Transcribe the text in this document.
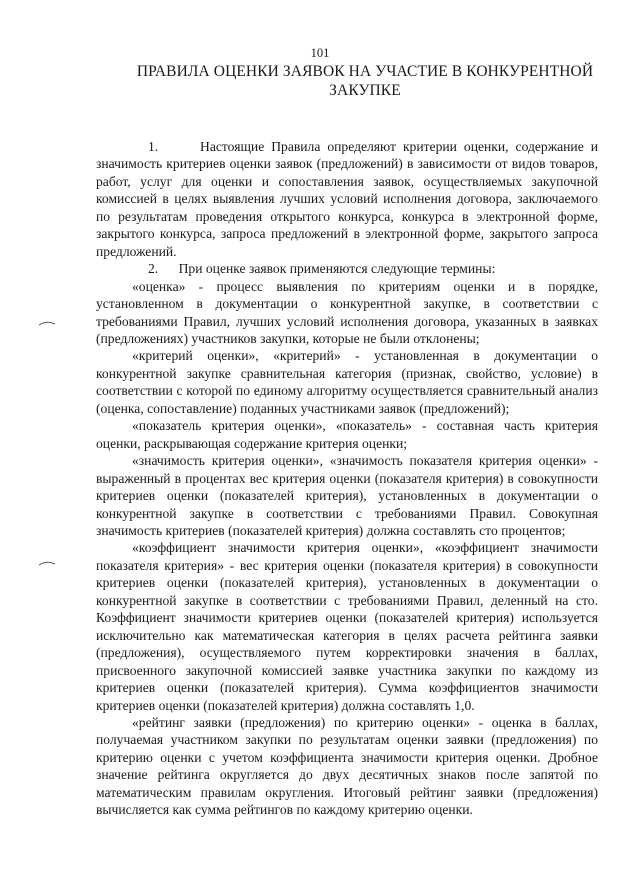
101
ПРАВИЛА ОЦЕНКИ ЗАЯВОК НА УЧАСТИЕ В КОНКУРЕНТНОЙ ЗАКУПКЕ

1.      Настоящие Правила определяют критерии оценки, содержание и значимость критериев оценки заявок (предложений) в зависимости от видов товаров, работ, услуг для оценки и сопоставления заявок, осуществляемых закупочной комиссией в целях выявления лучших условий исполнения договора, заключаемого по результатам проведения открытого конкурса, конкурса в электронной форме, закрытого конкурса, запроса предложений в электронной форме, закрытого запроса предложений.

2.      При оценке заявок применяются следующие термины:

«оценка» - процесс выявления по критериям оценки и в порядке, установленном в документации о конкурентной закупке, в соответствии с требованиями Правил, лучших условий исполнения договора, указанных в заявках (предложениях) участников закупки, которые не были отклонены;

«критерий оценки», «критерий» - установленная в документации о конкурентной закупке сравнительная категория (признак, свойство, условие) в соответствии с которой по единому алгоритму осуществляется сравнительный анализ (оценка, сопоставление) поданных участниками заявок (предложений);

«показатель критерия оценки», «показатель» - составная часть критерия оценки, раскрывающая содержание критерия оценки;

«значимость критерия оценки», «значимость показателя критерия оценки» - выраженный в процентах вес критерия оценки (показателя критерия) в совокупности критериев оценки (показателей критерия), установленных в документации о конкурентной закупке в соответствии с требованиями Правил. Совокупная значимость критериев (показателей критерия) должна составлять сто процентов;

«коэффициент значимости критерия оценки», «коэффициент значимости показателя критерия» - вес критерия оценки (показателя критерия) в совокупности критериев оценки (показателей критерия), установленных в документации о конкурентной закупке в соответствии с требованиями Правил, деленный на сто. Коэффициент значимости критериев оценки (показателей критерия) используется исключительно как математическая категория в целях расчета рейтинга заявки (предложения), осуществляемого путем корректировки значения в баллах, присвоенного закупочной комиссией заявке участника закупки по каждому из критериев оценки (показателей критерия). Сумма коэффициентов значимости критериев оценки (показателей критерия) должна составлять 1,0.

«рейтинг заявки (предложения) по критерию оценки» - оценка в баллах, получаемая участником закупки по результатам оценки заявки (предложения) по критерию оценки с учетом коэффициента значимости критерия оценки. Дробное значение рейтинга округляется до двух десятичных знаков после запятой по математическим правилам округления. Итоговый рейтинг заявки (предложения) вычисляется как сумма рейтингов по каждому критерию оценки.
